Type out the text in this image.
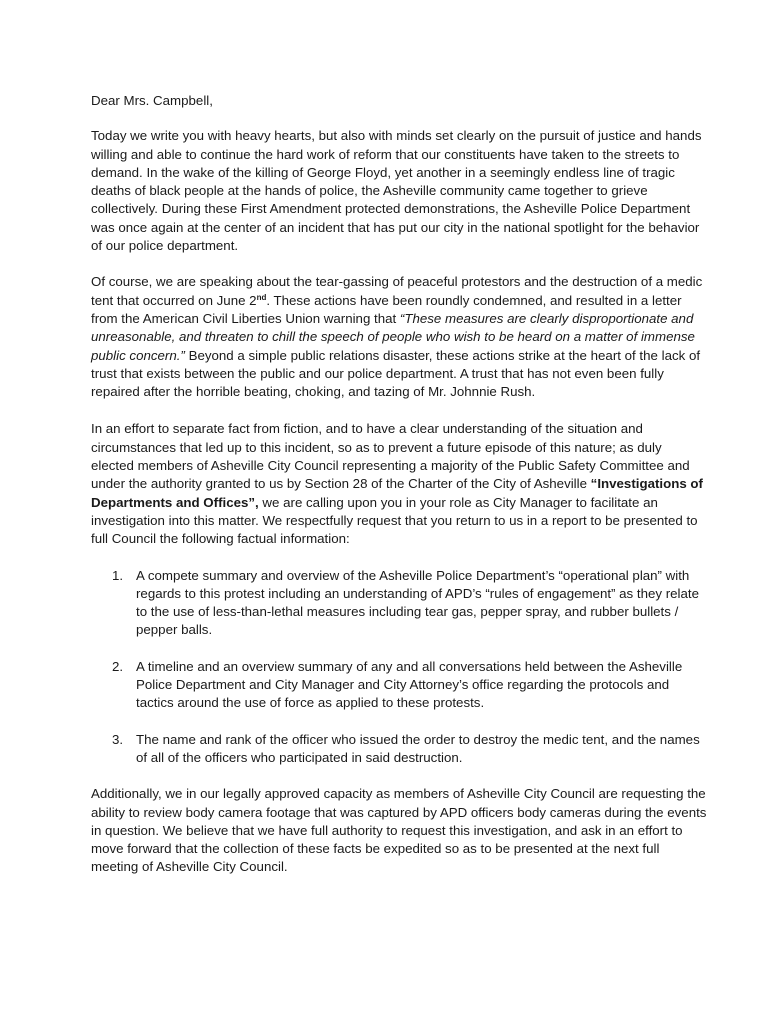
Dear Mrs. Campbell,

Today we write you with heavy hearts, but also with minds set clearly on the pursuit of justice and hands willing and able to continue the hard work of reform that our constituents have taken to the streets to demand. In the wake of the killing of George Floyd, yet another in a seemingly endless line of tragic deaths of black people at the hands of police, the Asheville community came together to grieve collectively. During these First Amendment protected demonstrations, the Asheville Police Department was once again at the center of an incident that has put our city in the national spotlight for the behavior of our police department.

Of course, we are speaking about the tear-gassing of peaceful protestors and the destruction of a medic tent that occurred on June 2nd. These actions have been roundly condemned, and resulted in a letter from the American Civil Liberties Union warning that “These measures are clearly disproportionate and unreasonable, and threaten to chill the speech of people who wish to be heard on a matter of immense public concern.” Beyond a simple public relations disaster, these actions strike at the heart of the lack of trust that exists between the public and our police department. A trust that has not even been fully repaired after the horrible beating, choking, and tazing of Mr. Johnnie Rush.

In an effort to separate fact from fiction, and to have a clear understanding of the situation and circumstances that led up to this incident, so as to prevent a future episode of this nature; as duly elected members of Asheville City Council representing a majority of the Public Safety Committee and under the authority granted to us by Section 28 of the Charter of the City of Asheville “Investigations of Departments and Offices”, we are calling upon you in your role as City Manager to facilitate an investigation into this matter. We respectfully request that you return to us in a report to be presented to full Council the following factual information:

1. A compete summary and overview of the Asheville Police Department’s “operational plan” with regards to this protest including an understanding of APD’s “rules of engagement” as they relate to the use of less-than-lethal measures including tear gas, pepper spray, and rubber bullets / pepper balls.
2. A timeline and an overview summary of any and all conversations held between the Asheville Police Department and City Manager and City Attorney’s office regarding the protocols and tactics around the use of force as applied to these protests.
3. The name and rank of the officer who issued the order to destroy the medic tent, and the names of all of the officers who participated in said destruction.

Additionally, we in our legally approved capacity as members of Asheville City Council are requesting the ability to review body camera footage that was captured by APD officers body cameras during the events in question. We believe that we have full authority to request this investigation, and ask in an effort to move forward that the collection of these facts be expedited so as to be presented at the next full meeting of Asheville City Council.
